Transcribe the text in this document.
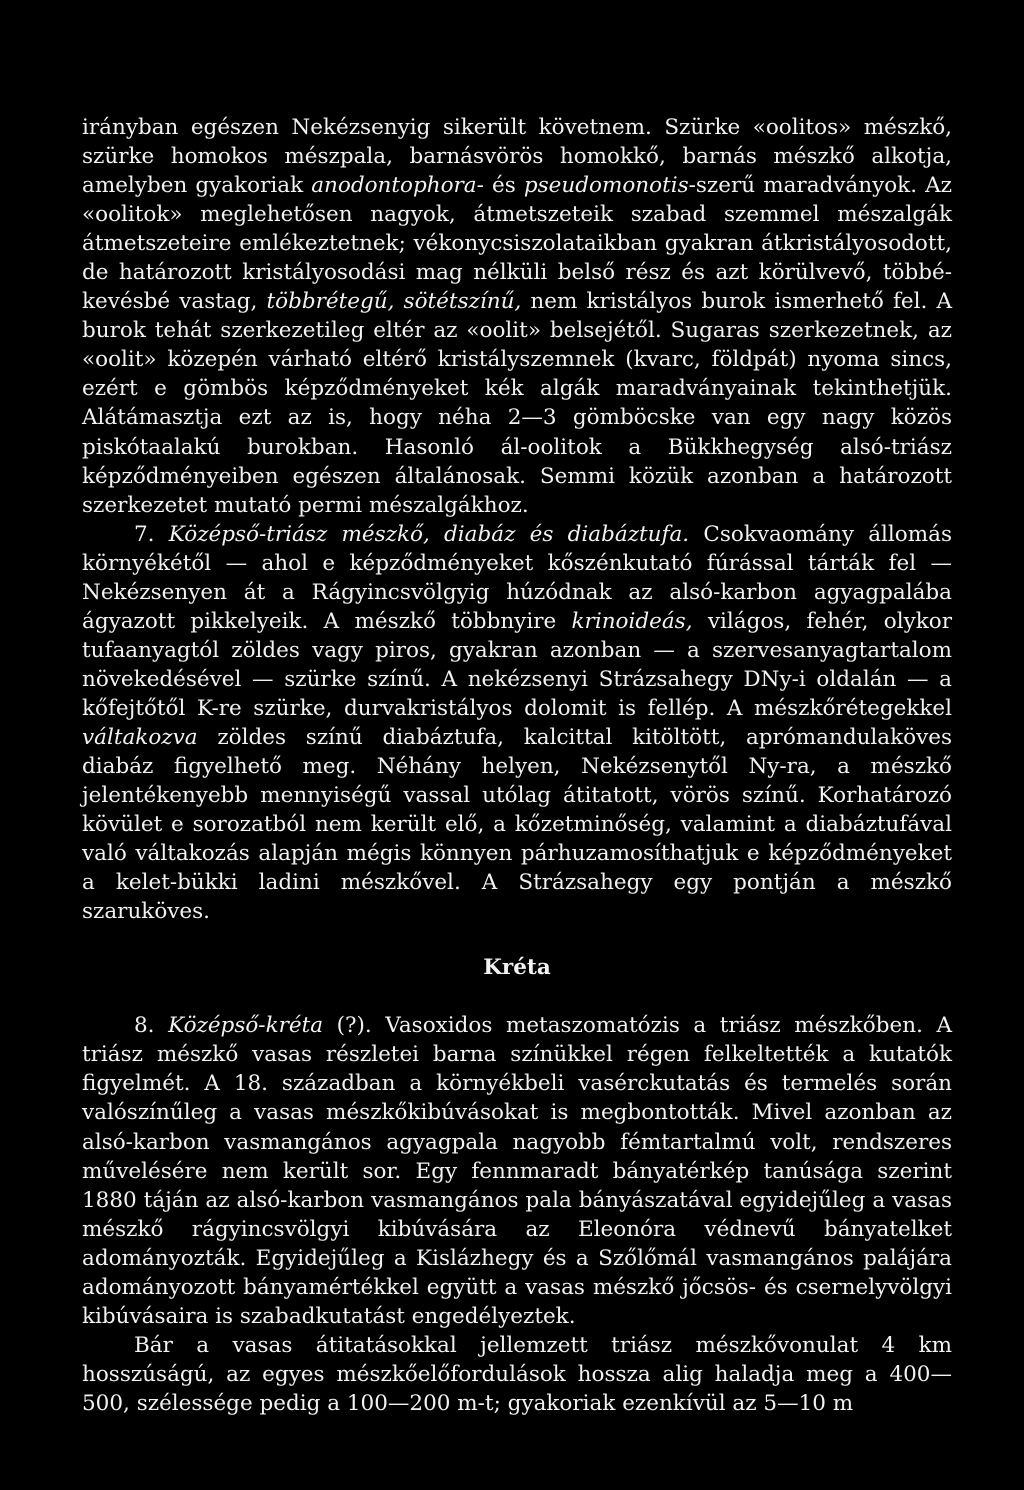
irányban egészen Nekézsenyig sikerült követnem. Szürke «oolitos» mészkő, szürke homokos mészpala, barnásvörös homokkő, barnás mészkő alkotja, amelyben gyakoriak anodontophora- és pseudomonotis-szerű maradványok. Az «oolitok» meglehetősen nagyok, átmetszeteik szabad szemmel mészalgák átmetszeteire emlékeztetnek; vékonycsiszolataikban gyakran átkristályosodott, de határozott kristályosodási mag nélküli belső rész és azt körülvevő, többé-kevésbé vastag, többrétegű, sötétszínű, nem kristályos burok ismerhető fel. A burok tehát szerkezetileg eltér az «oolit» belsejétől. Sugaras szerkezetnek, az «oolit» közepén várható eltérő kristályszemnek (kvarc, földpát) nyoma sincs, ezért e gömbös képződményeket kék algák maradványainak tekinthetjük. Alátámasztja ezt az is, hogy néha 2—3 gömböcske van egy nagy közös piskótaalakú burokban. Hasonló ál-oolitok a Bükkhegység alsó-triász képződményeiben egészen általánosak. Semmi közük azonban a határozott szerkezetet mutató permi mészalgákhoz.

7. Középső-triász mészkő, diabáz és diabáztufa. Csokvaomány állomás környékétől — ahol e képződményeket kőszénkutató fúrással tárták fel — Nekézsenyen át a Rágyincsvölgyig húzódnak az alsó-karbon agyagpalába ágyazott pikkelyeik. A mészkő többnyire krinoideás, világos, fehér, olykor tufaanyagtól zöldes vagy piros, gyakran azonban — a szervesanyagtartalom növekedésével — szürke színű. A nekézsenyi Strázsahegy DNy-i oldalán — a kőfejtőtől K-re szürke, durvakristályos dolomit is fellép. A mészkőrétegekkel váltakozva zöldes színű diabáztufa, kalcittal kitöltött, aprómandulaköves diabáz figyelhető meg. Néhány helyen, Nekézsenytől Ny-ra, a mészkő jelentékenyebb mennyiségű vassal utólag átitatott, vörös színű. Korhatározó kövület e sorozatból nem került elő, a kőzetminőség, valamint a diabáztufával való váltakozás alapján mégis könnyen párhuzamosíthatjuk e képződményeket a kelet-bükki ladini mészkővel. A Strázsahegy egy pontján a mészkő szaruköves.

Kréta

8. Középső-kréta (?). Vasoxidos metaszomatózis a triász mészkőben. A triász mészkő vasas részletei barna színükkel régen felkeltették a kutatók figyelmét. A 18. században a környékbeli vasérckutatás és termelés során valószínűleg a vasas mészkőkibúvásokat is megbontották. Mivel azonban az alsó-karbon vasmangános agyagpala nagyobb fémtartalmú volt, rendszeres művelésére nem került sor. Egy fennmaradt bányatérkép tanúsága szerint 1880 táján az alsó-karbon vasmangános pala bányászatával egyidejűleg a vasas mészkő rágyincsvölgyi kibúvására az Eleonóra védnevű bányatelket adományozták. Egyidejűleg a Kislázhegy és a Szőlőmál vasmangános palájára adományozott bányamértékkel együtt a vasas mészkő jőcsös- és csernelyvölgyi kibúvásaira is szabadkutatást engedélyeztek.

Bár a vasas átitatásokkal jellemzett triász mészkővonulat 4 km hosszúságú, az egyes mészkőelőfordulások hossza alig haladja meg a 400—500, szélessége pedig a 100—200 m-t; gyakoriak ezenkívül az 5—10 m
